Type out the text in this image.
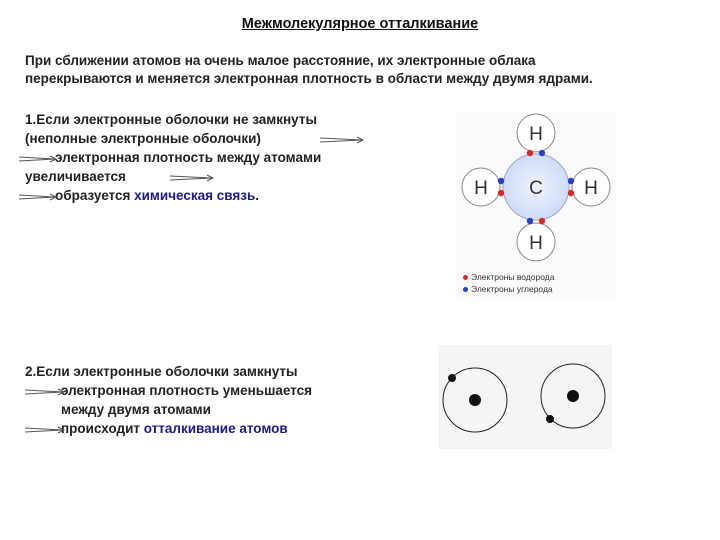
Межмолекулярное отталкивание
При сближении атомов на очень малое расстояние, их электронные облака
перекрываются и меняется электронная плотность в области между двумя ядрами.
1.Если электронные оболочки не замкнуты
(неполные электронные оболочки)
электронная плотность между атомами
увеличивается
образуется химическая связь.
H
H C H
H
Электроны водорода
Электроны углерода
2.Если электронные оболочки замкнуты
электронная плотность уменьшается
между двумя атомами
происходит отталкивание атомов
